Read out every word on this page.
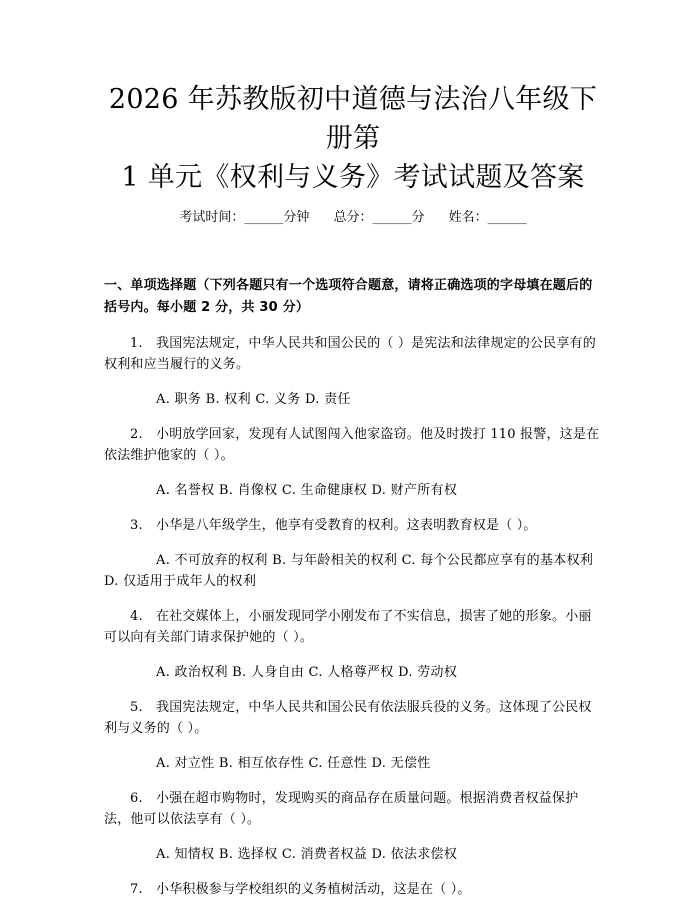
2026 年苏教版初中道德与法治八年级下册第
1 单元《权利与义务》考试试题及答案
考试时间：______分钟 总分：______分 姓名：______
一、单项选择题（下列各题只有一个选项符合题意，请将正确选项的字母填在题后的括号内。每小题 2 分，共 30 分）
1. 我国宪法规定，中华人民共和国公民的（ ）是宪法和法律规定的公民享有的权利和应当履行的义务。
A. 职务 B. 权利 C. 义务 D. 责任
2. 小明放学回家，发现有人试图闯入他家盗窃。他及时拨打 110 报警，这是在依法维护他家的（ ）。
A. 名誉权 B. 肖像权 C. 生命健康权 D. 财产所有权
3. 小华是八年级学生，他享有受教育的权利。这表明教育权是（ ）。
A. 不可放弃的权利 B. 与年龄相关的权利 C. 每个公民都应享有的基本权利 D. 仅适用于成年人的权利
4. 在社交媒体上，小丽发现同学小刚发布了不实信息，损害了她的形象。小丽可以向有关部门请求保护她的（ ）。
A. 政治权利 B. 人身自由 C. 人格尊严权 D. 劳动权
5. 我国宪法规定，中华人民共和国公民有依法服兵役的义务。这体现了公民权利与义务的（ ）。
A. 对立性 B. 相互依存性 C. 任意性 D. 无偿性
6. 小强在超市购物时，发现购买的商品存在质量问题。根据消费者权益保护法，他可以依法享有（ ）。
A. 知情权 B. 选择权 C. 消费者权益 D. 依法求偿权
7. 小华积极参与学校组织的义务植树活动，这是在（ ）。
